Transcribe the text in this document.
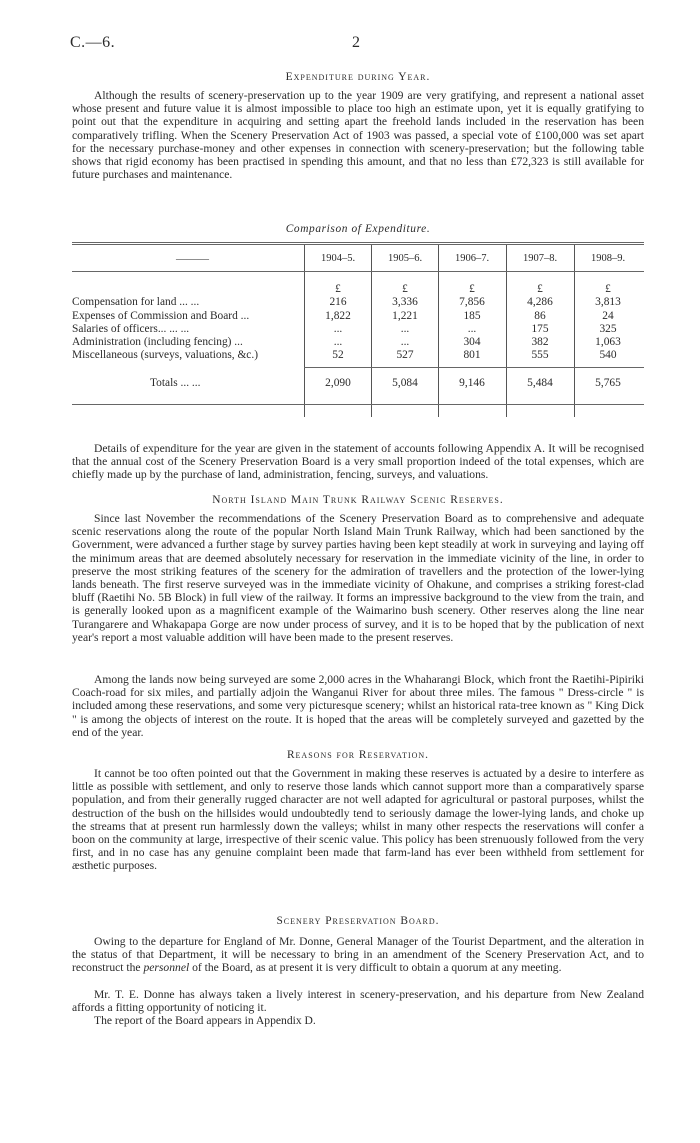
C.—6.	2
Expenditure during Year.

Although the results of scenery-preservation up to the year 1909 are very gratifying, and represent a national asset whose present and future value it is almost impossible to place too high an estimate upon, yet it is equally gratifying to point out that the expenditure in acquiring and setting apart the freehold lands included in the reservation has been comparatively trifling. When the Scenery Preservation Act of 1903 was passed, a special vote of £100,000 was set apart for the necessary purchase-money and other expenses in connection with scenery-preservation; but the following table shows that rigid economy has been practised in spending this amount, and that no less than £72,323 is still available for future purchases and maintenance.

Comparison of Expenditure.
———	1904–5.	1905–6.	1906–7.	1907–8.	1908–9.
£	£	£	£	£
Compensation for land ... ...	216	3,336	7,856	4,286	3,813
Expenses of Commission and Board ...	1,822	1,221	185	86	24
Salaries of officers... ... ...	...	...	...	175	325
Administration (including fencing) ...	...	...	304	382	1,063
Miscellaneous (surveys, valuations, &c.)	52	527	801	555	540
Totals ... ...	2,090	5,084	9,146	5,484	5,765

Details of expenditure for the year are given in the statement of accounts following Appendix A. It will be recognised that the annual cost of the Scenery Preservation Board is a very small proportion indeed of the total expenses, which are chiefly made up by the purchase of land, administration, fencing, surveys, and valuations.

North Island Main Trunk Railway Scenic Reserves.

Since last November the recommendations of the Scenery Preservation Board as to comprehensive and adequate scenic reservations along the route of the popular North Island Main Trunk Railway, which had been sanctioned by the Government, were advanced a further stage by survey parties having been kept steadily at work in surveying and laying off the minimum areas that are deemed absolutely necessary for reservation in the immediate vicinity of the line, in order to preserve the most striking features of the scenery for the admiration of travellers and the protection of the lower-lying lands beneath. The first reserve surveyed was in the immediate vicinity of Ohakune, and comprises a striking forest-clad bluff (Raetihi No. 5B Block) in full view of the railway. It forms an impressive background to the view from the train, and is generally looked upon as a magnificent example of the Waimarino bush scenery. Other reserves along the line near Turangarere and Whakapapa Gorge are now under process of survey, and it is to be hoped that by the publication of next year's report a most valuable addition will have been made to the present reserves.

Among the lands now being surveyed are some 2,000 acres in the Whaharangi Block, which front the Raetihi-Pipiriki Coach-road for six miles, and partially adjoin the Wanganui River for about three miles. The famous " Dress-circle " is included among these reservations, and some very picturesque scenery; whilst an historical rata-tree known as " King Dick " is among the objects of interest on the route. It is hoped that the areas will be completely surveyed and gazetted by the end of the year.

Reasons for Reservation.

It cannot be too often pointed out that the Government in making these reserves is actuated by a desire to interfere as little as possible with settlement, and only to reserve those lands which cannot support more than a comparatively sparse population, and from their generally rugged character are not well adapted for agricultural or pastoral purposes, whilst the destruction of the bush on the hillsides would undoubtedly tend to seriously damage the lower-lying lands, and choke up the streams that at present run harmlessly down the valleys; whilst in many other respects the reservations will confer a boon on the community at large, irrespective of their scenic value. This policy has been strenuously followed from the very first, and in no case has any genuine complaint been made that farm-land has ever been withheld from settlement for æsthetic purposes.

Scenery Preservation Board.

Owing to the departure for England of Mr. Donne, General Manager of the Tourist Department, and the alteration in the status of that Department, it will be necessary to bring in an amendment of the Scenery Preservation Act, and to reconstruct the personnel of the Board, as at present it is very difficult to obtain a quorum at any meeting.

Mr. T. E. Donne has always taken a lively interest in scenery-preservation, and his departure from New Zealand affords a fitting opportunity of noticing it.

The report of the Board appears in Appendix D.
